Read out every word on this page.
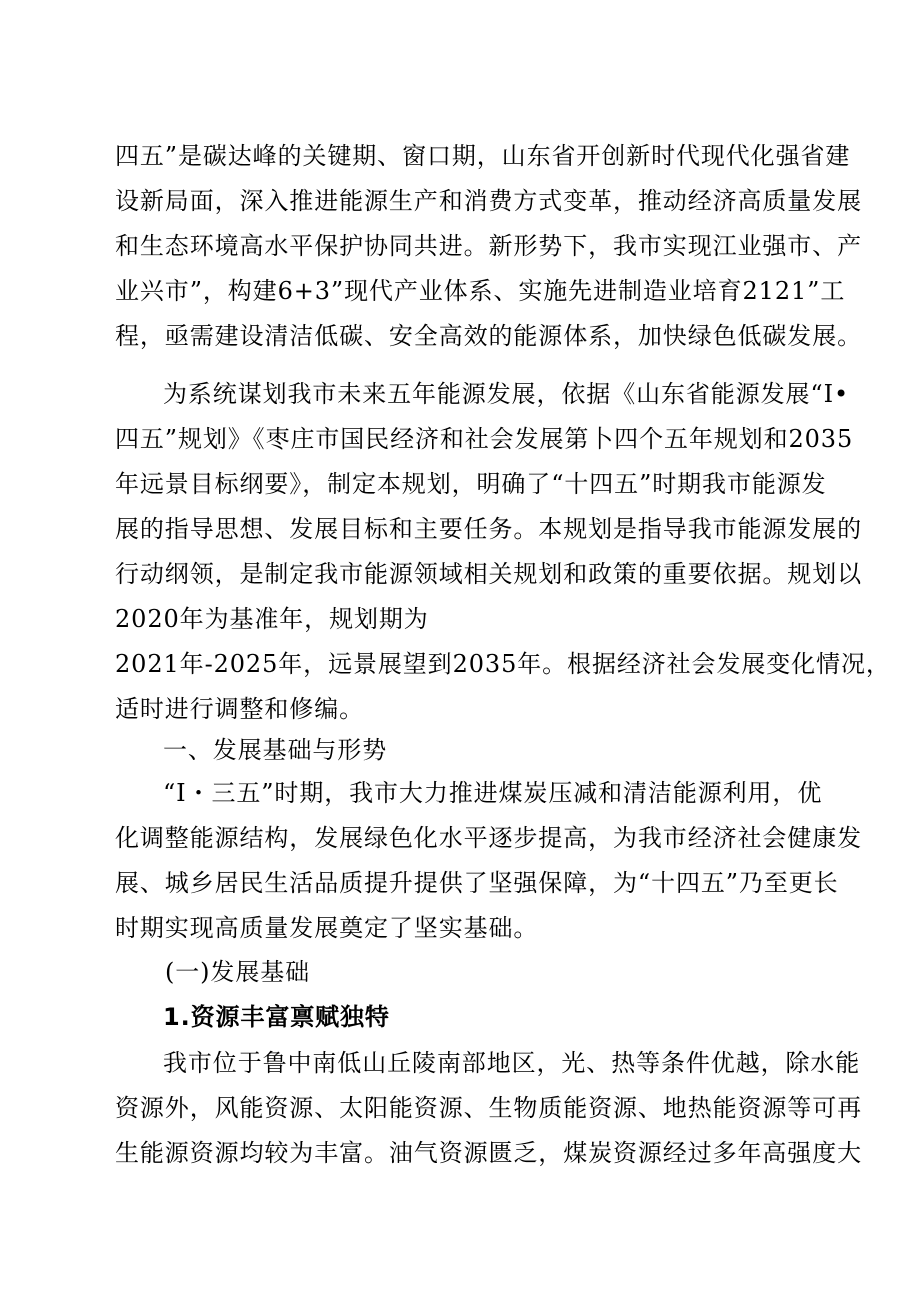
四五”是碳达峰的关键期、窗口期，山东省开创新时代现代化强省建
设新局面，深入推进能源生产和消费方式变革，推动经济高质量发展
和生态环境高水平保护协同共进。新形势下，我市实现江业强市、产
业兴市”，构建6+3”现代产业体系、实施先进制造业培育2121”工
程，亟需建设清洁低碳、安全高效的能源体系，加快绿色低碳发展。
为系统谋划我市未来五年能源发展，依据《山东省能源发展“I•
四五”规划》《枣庄市国民经济和社会发展第卜四个五年规划和2035
年远景目标纲要》，制定本规划，明确了“十四五”时期我市能源发
展的指导思想、发展目标和主要任务。本规划是指导我市能源发展的
行动纲领，是制定我市能源领域相关规划和政策的重要依据。规划以
2020年为基准年，规划期为
2021年-2025年，远景展望到2035年。根据经济社会发展变化情况，
适时进行调整和修编。
一、发展基础与形势
“I・三五”时期，我市大力推进煤炭压减和清洁能源利用，优
化调整能源结构，发展绿色化水平逐步提高，为我市经济社会健康发
展、城乡居民生活品质提升提供了坚强保障，为“十四五”乃至更长
时期实现高质量发展奠定了坚实基础。
(一)发展基础
1.资源丰富禀赋独特
我市位于鲁中南低山丘陵南部地区，光、热等条件优越，除水能
资源外，风能资源、太阳能资源、生物质能资源、地热能资源等可再
生能源资源均较为丰富。油气资源匮乏，煤炭资源经过多年高强度大
